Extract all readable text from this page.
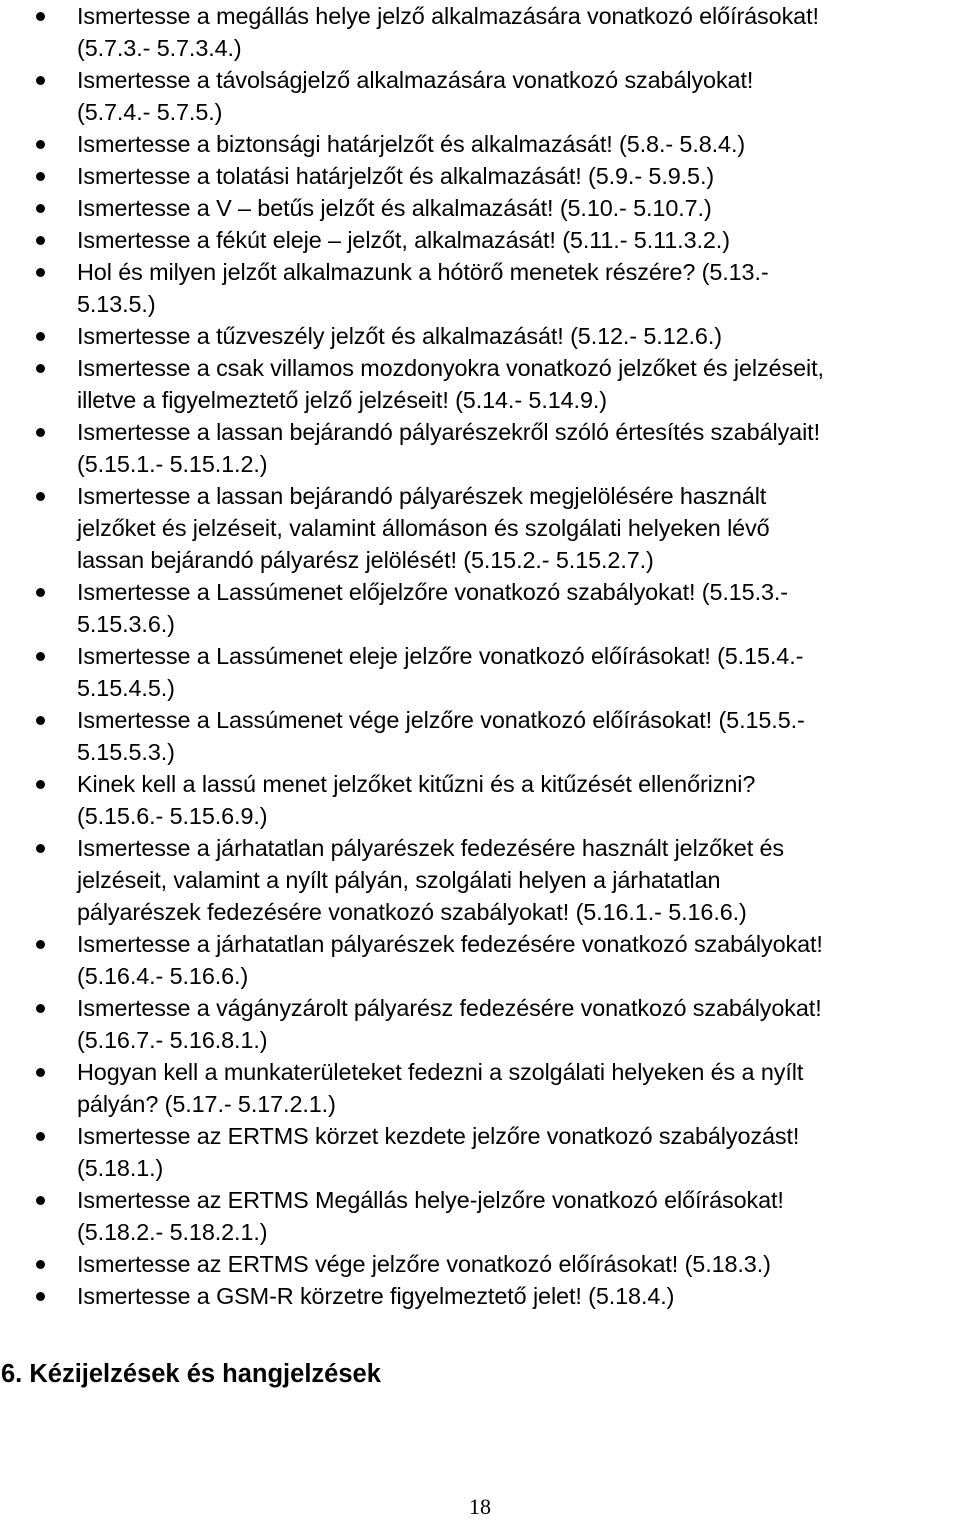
Ismertesse a megállás helye jelző alkalmazására vonatkozó előírásokat!
(5.7.3.- 5.7.3.4.)
Ismertesse a távolságjelző alkalmazására vonatkozó szabályokat!
(5.7.4.- 5.7.5.)
Ismertesse a biztonsági határjelzőt és alkalmazását! (5.8.- 5.8.4.)
Ismertesse a tolatási határjelzőt és alkalmazását! (5.9.- 5.9.5.)
Ismertesse a V – betűs jelzőt és alkalmazását! (5.10.- 5.10.7.)
Ismertesse a fékút eleje – jelzőt, alkalmazását! (5.11.- 5.11.3.2.)
Hol és milyen jelzőt alkalmazunk a hótörő menetek részére? (5.13.-
5.13.5.)
Ismertesse a tűzveszély jelzőt és alkalmazását! (5.12.- 5.12.6.)
Ismertesse a csak villamos mozdonyokra vonatkozó jelzőket és jelzéseit,
illetve a figyelmeztető jelző jelzéseit! (5.14.- 5.14.9.)
Ismertesse a lassan bejárandó pályarészekről szóló értesítés szabályait!
(5.15.1.- 5.15.1.2.)
Ismertesse a lassan bejárandó pályarészek megjelölésére használt
jelzőket és jelzéseit, valamint állomáson és szolgálati helyeken lévő
lassan bejárandó pályarész jelölését! (5.15.2.- 5.15.2.7.)
Ismertesse a Lassúmenet előjelzőre vonatkozó szabályokat! (5.15.3.-
5.15.3.6.)
Ismertesse a Lassúmenet eleje jelzőre vonatkozó előírásokat! (5.15.4.-
5.15.4.5.)
Ismertesse a Lassúmenet vége jelzőre vonatkozó előírásokat! (5.15.5.-
5.15.5.3.)
Kinek kell a lassú menet jelzőket kitűzni és a kitűzését ellenőrizni?
(5.15.6.- 5.15.6.9.)
Ismertesse a járhatatlan pályarészek fedezésére használt jelzőket és
jelzéseit, valamint a nyílt pályán, szolgálati helyen a járhatatlan
pályarészek fedezésére vonatkozó szabályokat! (5.16.1.- 5.16.6.)
Ismertesse a járhatatlan pályarészek fedezésére vonatkozó szabályokat!
(5.16.4.- 5.16.6.)
Ismertesse a vágányzárolt pályarész fedezésére vonatkozó szabályokat!
(5.16.7.- 5.16.8.1.)
Hogyan kell a munkaterületeket fedezni a szolgálati helyeken és a nyílt
pályán? (5.17.- 5.17.2.1.)
Ismertesse az ERTMS körzet kezdete jelzőre vonatkozó szabályozást!
(5.18.1.)
Ismertesse az ERTMS Megállás helye-jelzőre vonatkozó előírásokat!
(5.18.2.- 5.18.2.1.)
Ismertesse az ERTMS vége jelzőre vonatkozó előírásokat! (5.18.3.)
Ismertesse a GSM-R körzetre figyelmeztető jelet! (5.18.4.)
6. Kézijelzések és hangjelzések
18
